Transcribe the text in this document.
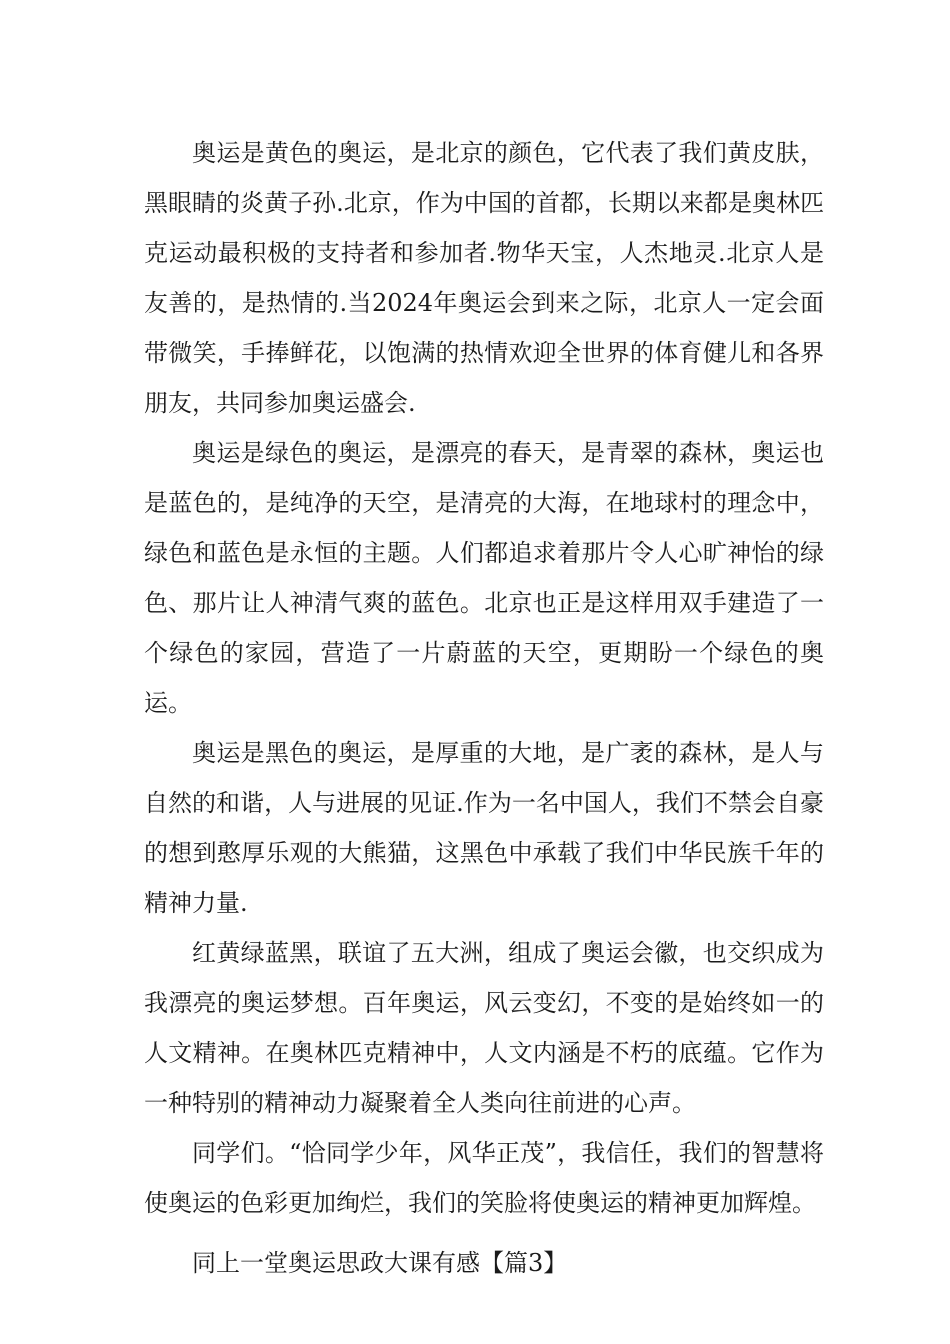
奥运是黄色的奥运，是北京的颜色，它代表了我们黄皮肤，黑眼睛的炎黄子孙.北京，作为中国的首都，长期以来都是奥林匹克运动最积极的支持者和参加者.物华天宝，人杰地灵.北京人是友善的，是热情的.当2024年奥运会到来之际，北京人一定会面带微笑，手捧鲜花，以饱满的热情欢迎全世界的体育健儿和各界朋友，共同参加奥运盛会.

奥运是绿色的奥运，是漂亮的春天，是青翠的森林，奥运也是蓝色的，是纯净的天空，是清亮的大海，在地球村的理念中，绿色和蓝色是永恒的主题。人们都追求着那片令人心旷神怡的绿色、那片让人神清气爽的蓝色。北京也正是这样用双手建造了一个绿色的家园，营造了一片蔚蓝的天空，更期盼一个绿色的奥运。

奥运是黑色的奥运，是厚重的大地，是广袤的森林，是人与自然的和谐，人与进展的见证.作为一名中国人，我们不禁会自豪的想到憨厚乐观的大熊猫，这黑色中承载了我们中华民族千年的精神力量.

红黄绿蓝黑，联谊了五大洲，组成了奥运会徽，也交织成为我漂亮的奥运梦想。百年奥运，风云变幻，不变的是始终如一的人文精神。在奥林匹克精神中，人文内涵是不朽的底蕴。它作为一种特别的精神动力凝聚着全人类向往前进的心声。

同学们。“恰同学少年，风华正茂”，我信任，我们的智慧将使奥运的色彩更加绚烂，我们的笑脸将使奥运的精神更加辉煌。

同上一堂奥运思政大课有感【篇3】
